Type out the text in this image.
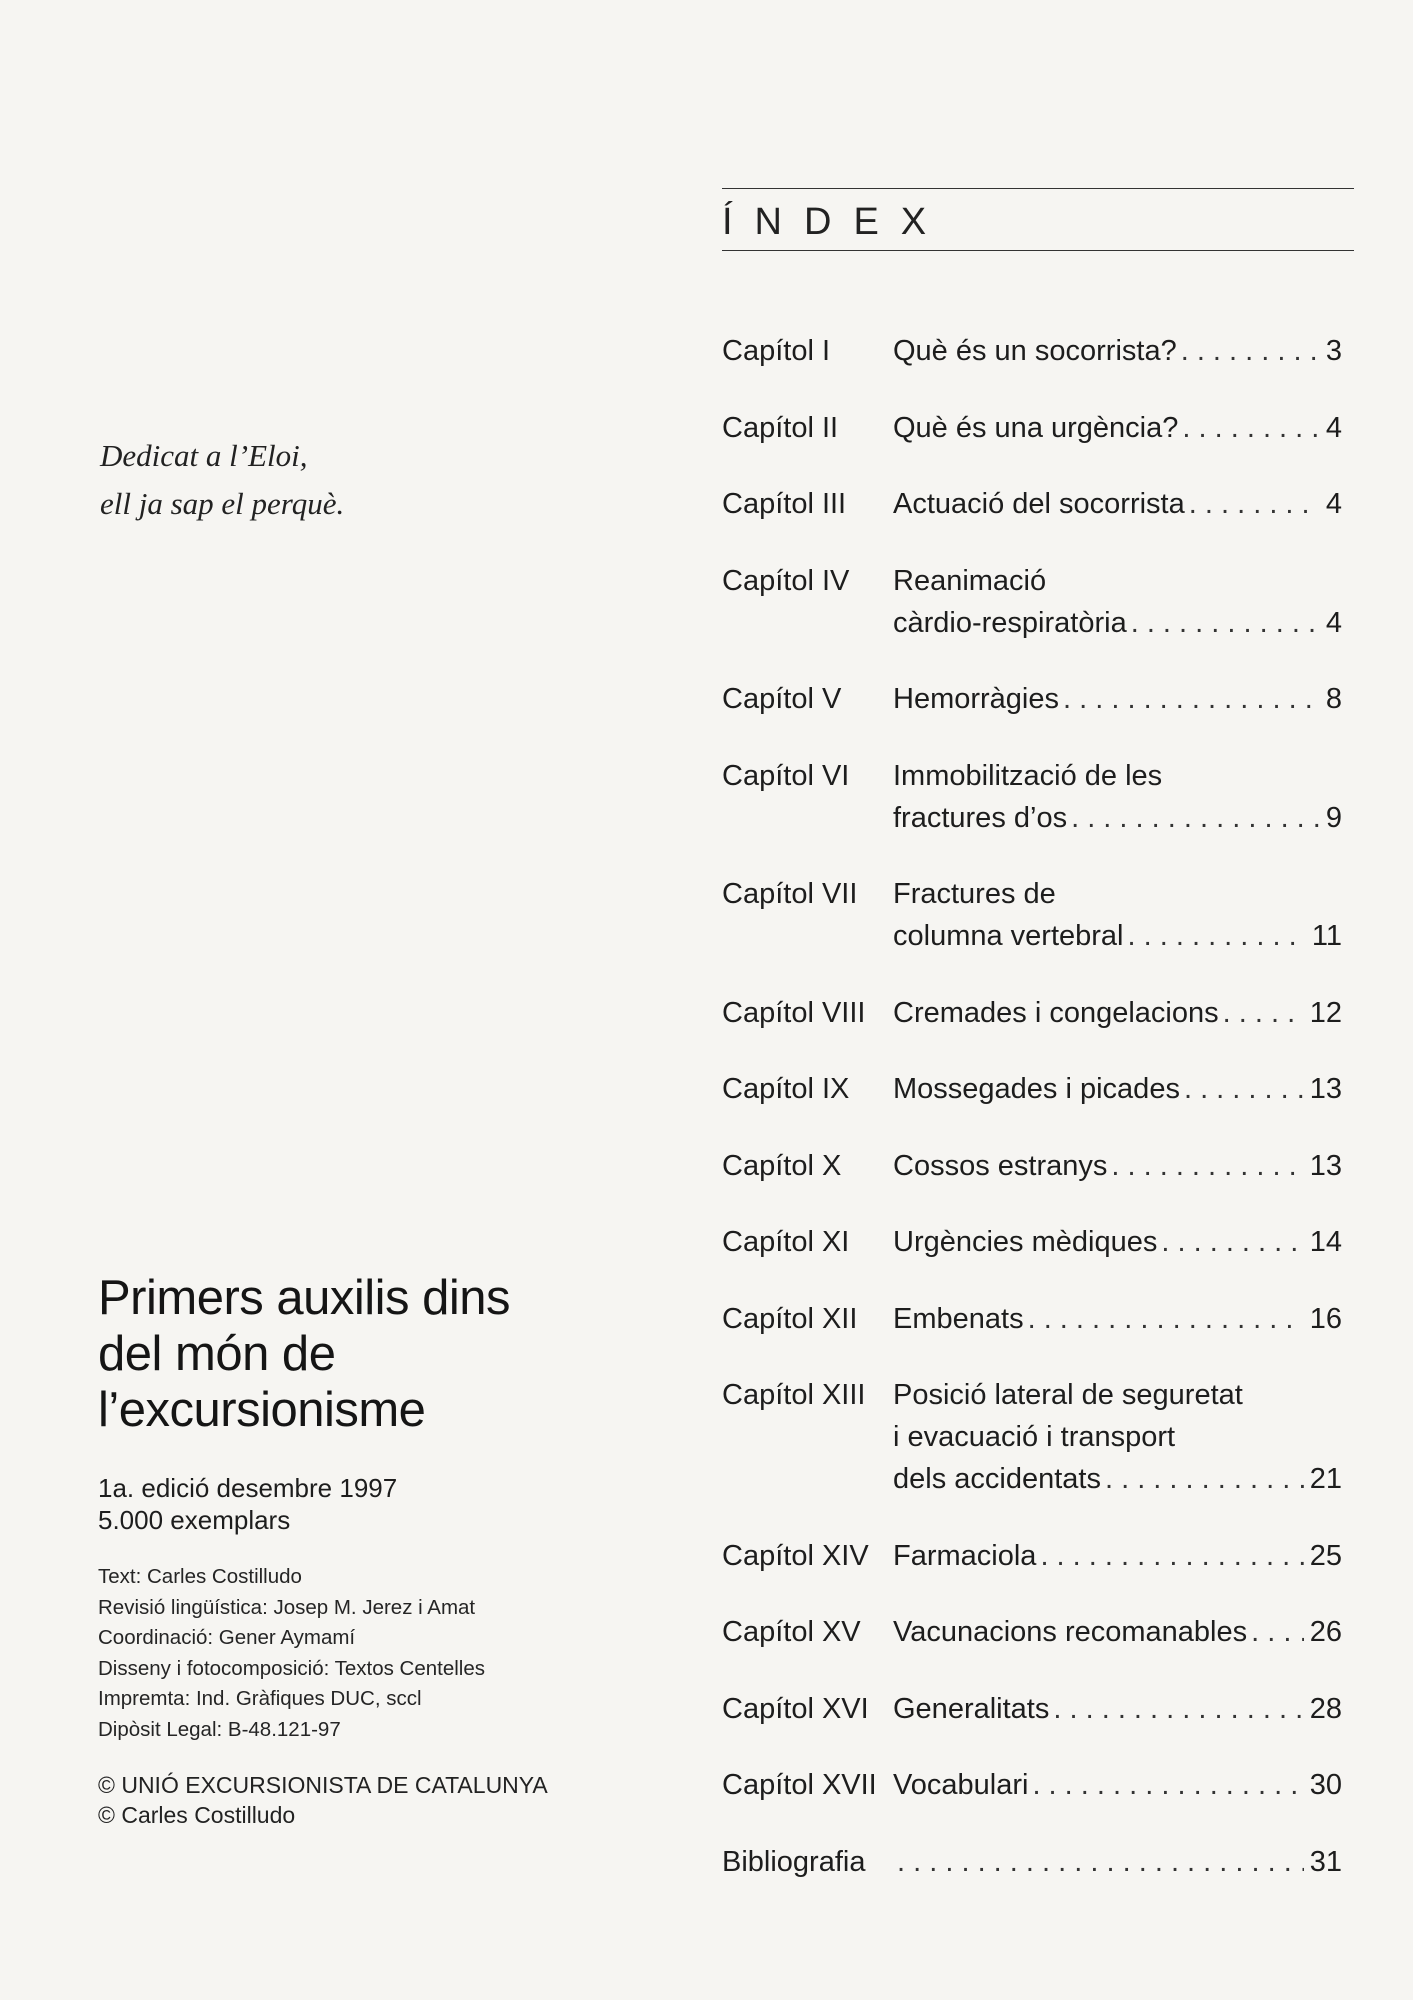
ÍNDEX
Dedicat a l’Eloi,
ell ja sap el perquè.
Capítol I Què és un socorrista? . . .	3
Capítol II Què és una urgència? . . .	4
Capítol III Actuació del socorrista . . .	4
Capítol IV Reanimació
càrdio-respiratòria . . .	4
Capítol V Hemorràgies . . .	8
Capítol VI Immobilització de les
fractures d’os . . .	9
Capítol VII Fractures de
columna vertebral . . .	11
Capítol VIII Cremades i congelacions . . .	12
Capítol IX Mossegades i picades . . .	13
Capítol X Cossos estranys . . .	13
Capítol XI Urgències mèdiques . . .	14
Capítol XII Embenats . . .	16
Capítol XIII Posició lateral de seguretat
i evacuació i transport
dels accidentats . . .	21
Capítol XIV Farmaciola . . .	25
Capítol XV Vacunacions recomanables . . . 26
Capítol XVI Generalitats . . .	28
Capítol XVII Vocabulari . . .	30
Bibliografia . . .	31
Primers auxilis dins
del món de
l’excursionisme
1a. edició desembre 1997
5.000 exemplars
Text: Carles Costilludo
Revisió lingüística: Josep M. Jerez i Amat
Coordinació: Gener Aymamí
Disseny i fotocomposició: Textos Centelles
Impremta: Ind. Gràfiques DUC, sccl
Dipòsit Legal: B-48.121-97
© UNIÓ EXCURSIONISTA DE CATALUNYA
© Carles Costilludo
